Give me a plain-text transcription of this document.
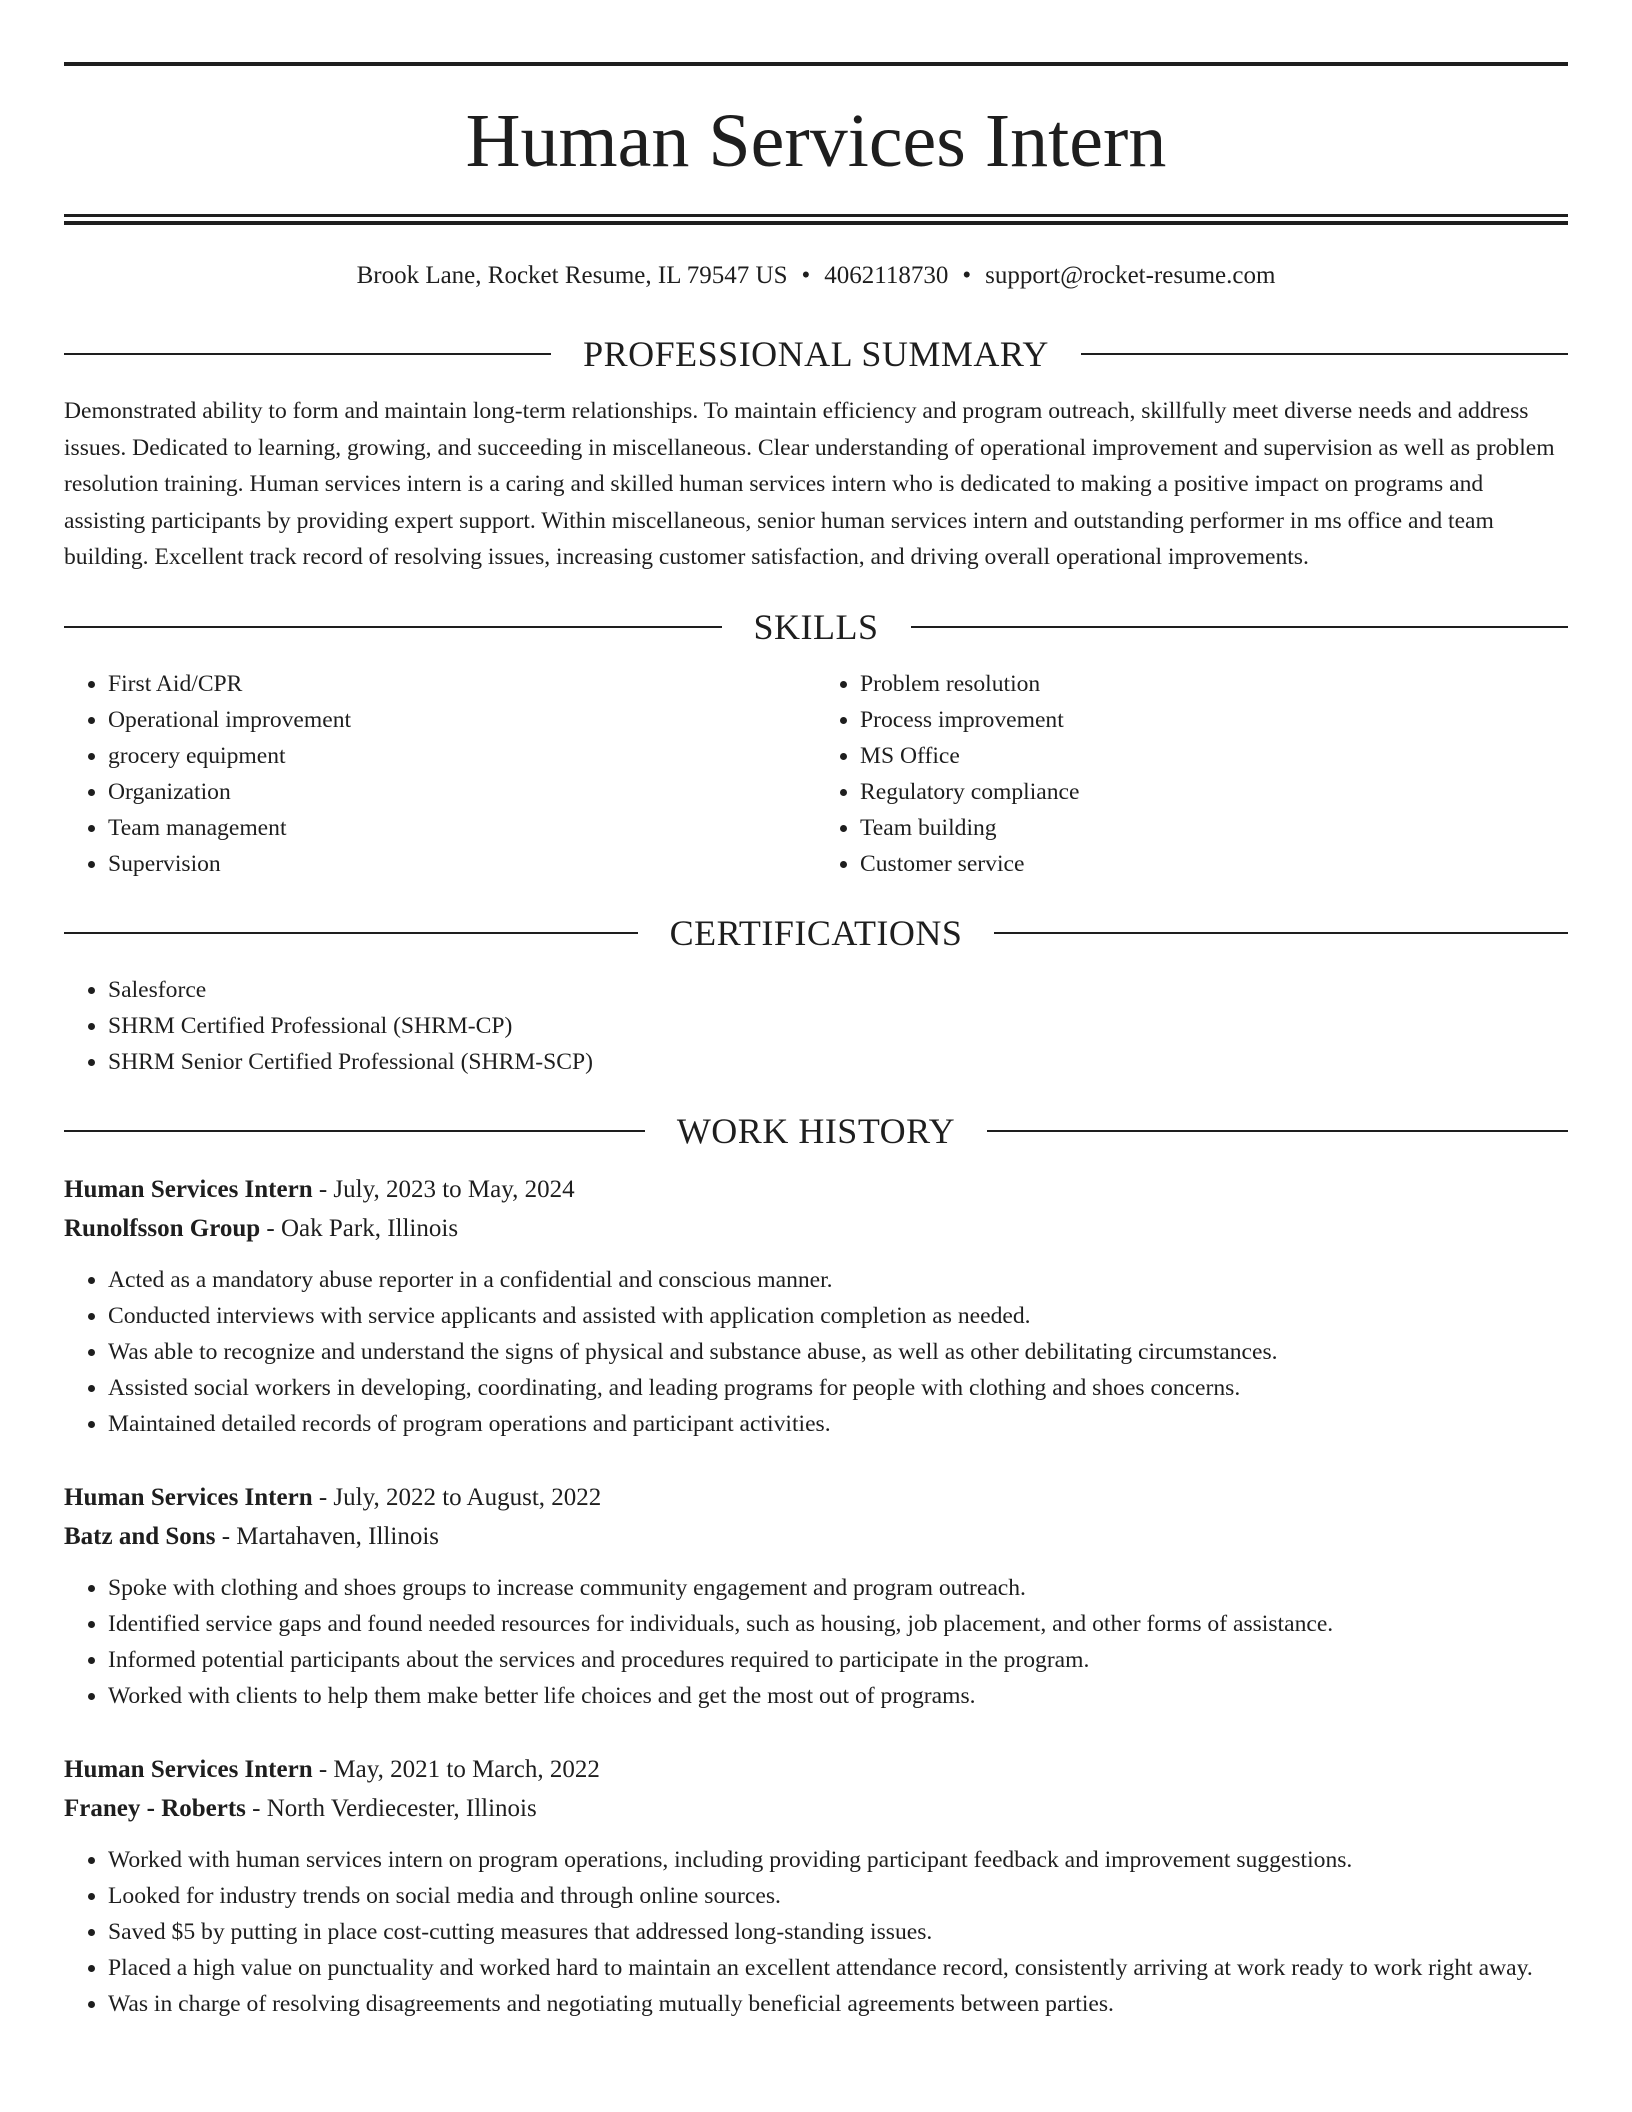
Human Services Intern
Brook Lane, Rocket Resume, IL 79547 US • 4062118730 • support@rocket-resume.com
PROFESSIONAL SUMMARY

Demonstrated ability to form and maintain long-term relationships. To maintain efficiency and program outreach, skillfully meet diverse needs and address issues. Dedicated to learning, growing, and succeeding in miscellaneous. Clear understanding of operational improvement and supervision as well as problem resolution training. Human services intern is a caring and skilled human services intern who is dedicated to making a positive impact on programs and assisting participants by providing expert support. Within miscellaneous, senior human services intern and outstanding performer in ms office and team building. Excellent track record of resolving issues, increasing customer satisfaction, and driving overall operational improvements.

SKILLS
• First Aid/CPR
• Operational improvement
• grocery equipment
• Organization
• Team management
• Supervision
• Problem resolution
• Process improvement
• MS Office
• Regulatory compliance
• Team building
• Customer service
CERTIFICATIONS
• Salesforce
• SHRM Certified Professional (SHRM-CP)
• SHRM Senior Certified Professional (SHRM-SCP)
WORK HISTORY
Human Services Intern - July, 2023 to May, 2024
Runolfsson Group - Oak Park, Illinois
• Acted as a mandatory abuse reporter in a confidential and conscious manner.
• Conducted interviews with service applicants and assisted with application completion as needed.
• Was able to recognize and understand the signs of physical and substance abuse, as well as other debilitating circumstances.
• Assisted social workers in developing, coordinating, and leading programs for people with clothing and shoes concerns.
• Maintained detailed records of program operations and participant activities.
Human Services Intern - July, 2022 to August, 2022
Batz and Sons - Martahaven, Illinois
• Spoke with clothing and shoes groups to increase community engagement and program outreach.
• Identified service gaps and found needed resources for individuals, such as housing, job placement, and other forms of assistance.
• Informed potential participants about the services and procedures required to participate in the program.
• Worked with clients to help them make better life choices and get the most out of programs.
Human Services Intern - May, 2021 to March, 2022
Franey - Roberts - North Verdiecester, Illinois
• Worked with human services intern on program operations, including providing participant feedback and improvement suggestions.
• Looked for industry trends on social media and through online sources.
• Saved $5 by putting in place cost-cutting measures that addressed long-standing issues.
• Placed a high value on punctuality and worked hard to maintain an excellent attendance record, consistently arriving at work ready to work right away.
• Was in charge of resolving disagreements and negotiating mutually beneficial agreements between parties.
